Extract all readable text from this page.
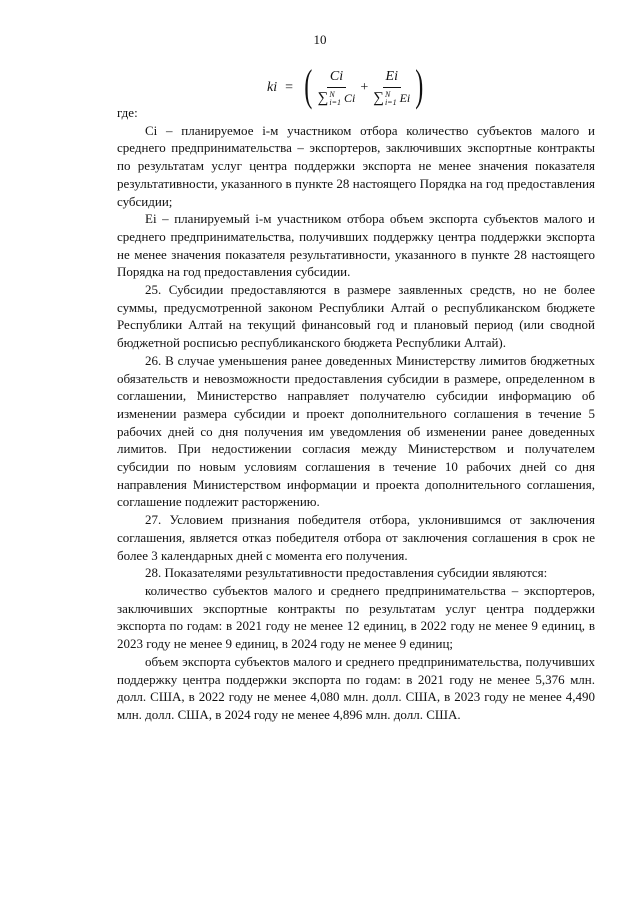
10
ki = ( Ci
∑ N
i=1 Ci + Ei
∑ N
i=1 Ei )

где:

Ci – планируемое i-м участником отбора количество субъектов малого и среднего предпринимательства – экспортеров, заключивших экспортные контракты по результатам услуг центра поддержки экспорта не менее значения показателя результативности, указанного в пункте 28 настоящего Порядка на год предоставления субсидии;

Ei – планируемый i-м участником отбора объем экспорта субъектов малого и среднего предпринимательства, получивших поддержку центра поддержки экспорта не менее значения показателя результативности, указанного в пункте 28 настоящего Порядка на год предоставления субсидии.

25. Субсидии предоставляются в размере заявленных средств, но не более суммы, предусмотренной законом Республики Алтай о республиканском бюджете Республики Алтай на текущий финансовый год и плановый период (или сводной бюджетной росписью республиканского бюджета Республики Алтай).

26. В случае уменьшения ранее доведенных Министерству лимитов бюджетных обязательств и невозможности предоставления субсидии в размере, определенном в соглашении, Министерство направляет получателю субсидии информацию об изменении размера субсидии и проект дополнительного соглашения в течение 5 рабочих дней со дня получения им уведомления об изменении ранее доведенных лимитов. При недостижении согласия между Министерством и получателем субсидии по новым условиям соглашения в течение 10 рабочих дней со дня направления Министерством информации и проекта дополнительного соглашения, соглашение подлежит расторжению.

27. Условием признания победителя отбора, уклонившимся от заключения соглашения, является отказ победителя отбора от заключения соглашения в срок не более 3 календарных дней с момента его получения.

28. Показателями результативности предоставления субсидии являются:

количество субъектов малого и среднего предпринимательства – экспортеров, заключивших экспортные контракты по результатам услуг центра поддержки экспорта по годам: в 2021 году не менее 12 единиц, в 2022 году не менее 9 единиц, в 2023 году не менее 9 единиц, в 2024 году не менее 9 единиц;

объем экспорта субъектов малого и среднего предпринимательства, получивших поддержку центра поддержки экспорта по годам: в 2021 году не менее 5,376 млн. долл. США, в 2022 году не менее 4,080 млн. долл. США, в 2023 году не менее 4,490 млн. долл. США, в 2024 году не менее 4,896 млн. долл. США.
